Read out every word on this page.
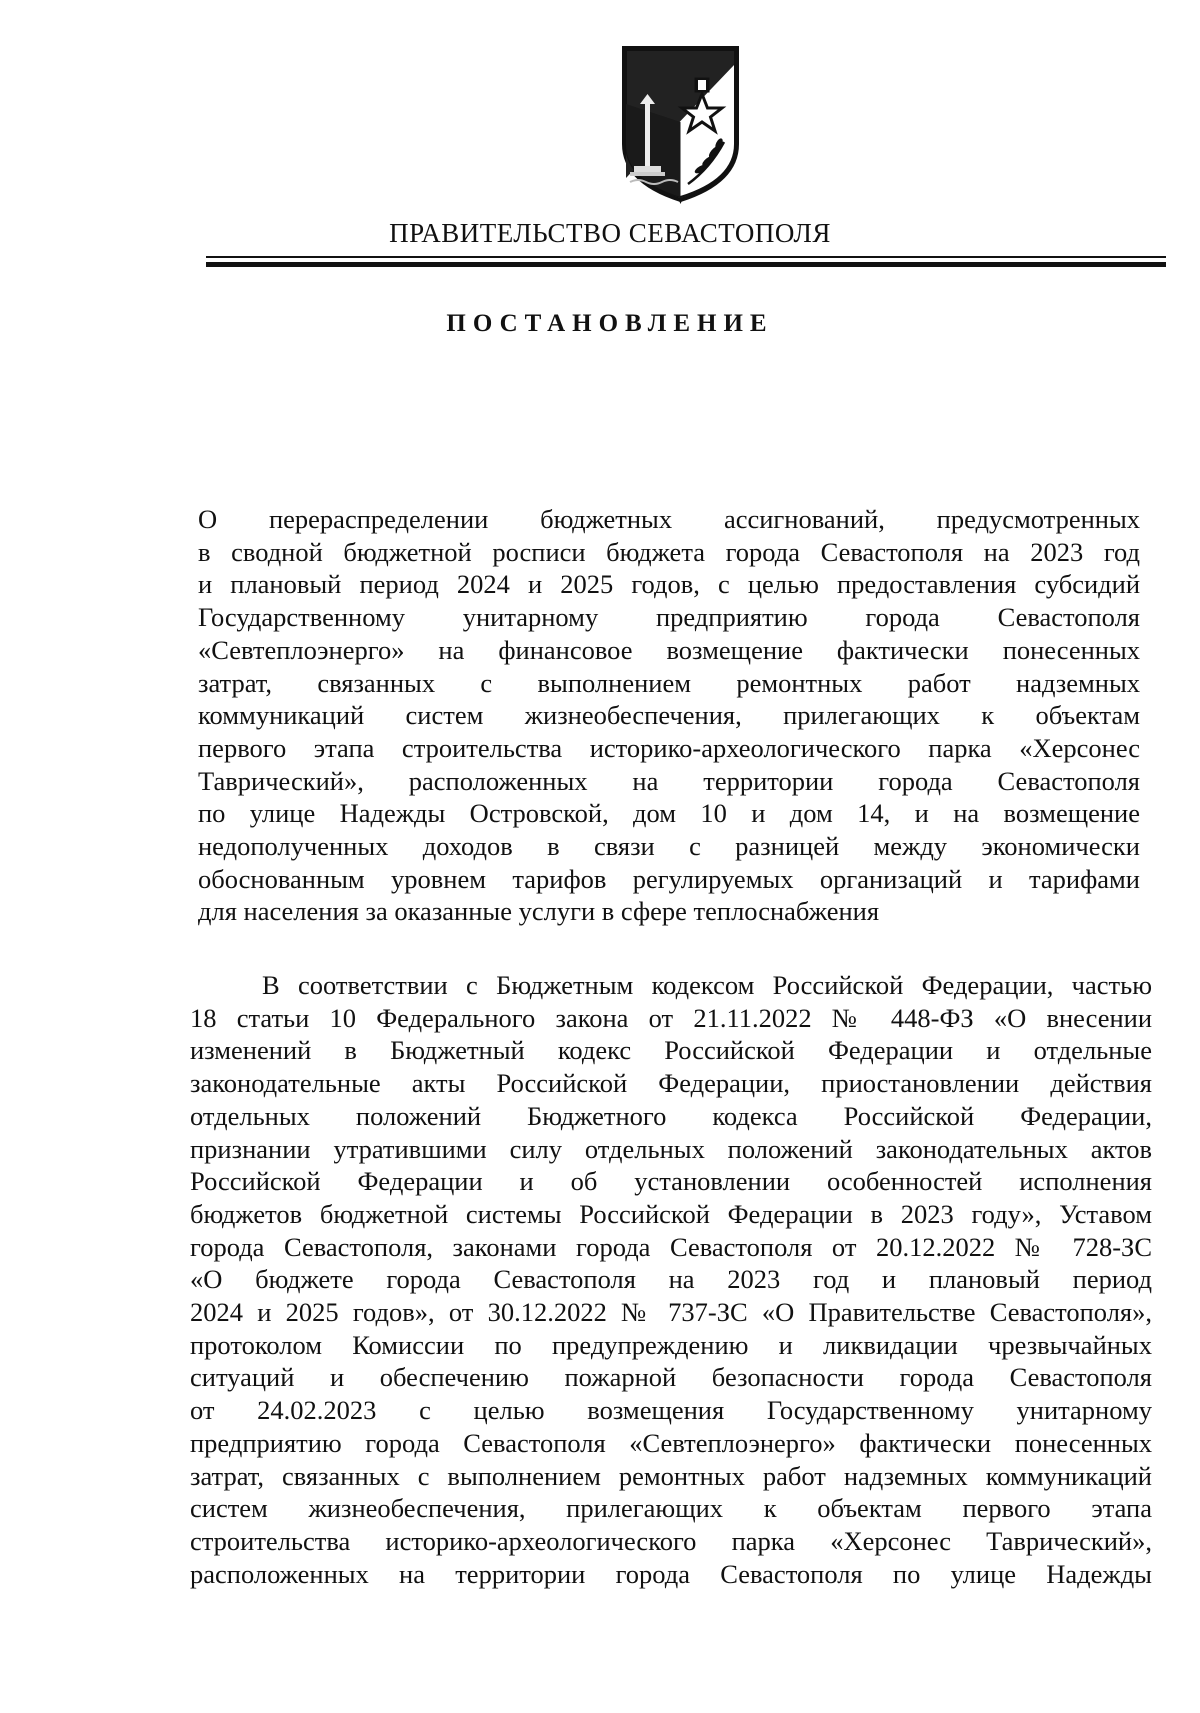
ПРАВИТЕЛЬСТВО СЕВАСТОПОЛЯ
ПОСТАНОВЛЕНИЕ
О перераспределении бюджетных ассигнований, предусмотренных
в сводной бюджетной росписи бюджета города Севастополя на 2023 год
и плановый период 2024 и 2025 годов, с целью предоставления субсидий
Государственному унитарному предприятию города Севастополя
«Севтеплоэнерго» на финансовое возмещение фактически понесенных
затрат, связанных с выполнением ремонтных работ надземных
коммуникаций систем жизнеобеспечения, прилегающих к объектам
первого этапа строительства историко-археологического парка «Херсонес
Таврический», расположенных на территории города Севастополя
по улице Надежды Островской, дом 10 и дом 14, и на возмещение
недополученных доходов в связи с разницей между экономически
обоснованным уровнем тарифов регулируемых организаций и тарифами
для населения за оказанные услуги в сфере теплоснабжения
В соответствии с Бюджетным кодексом Российской Федерации, частью
18 статьи 10 Федерального закона от 21.11.2022 № 448-ФЗ «О внесении
изменений в Бюджетный кодекс Российской Федерации и отдельные
законодательные акты Российской Федерации, приостановлении действия
отдельных положений Бюджетного кодекса Российской Федерации,
признании утратившими силу отдельных положений законодательных актов
Российской Федерации и об установлении особенностей исполнения
бюджетов бюджетной системы Российской Федерации в 2023 году», Уставом
города Севастополя, законами города Севастополя от 20.12.2022 № 728-ЗС
«О бюджете города Севастополя на 2023 год и плановый период
2024 и 2025 годов», от 30.12.2022 № 737-ЗС «О Правительстве Севастополя»,
протоколом Комиссии по предупреждению и ликвидации чрезвычайных
ситуаций и обеспечению пожарной безопасности города Севастополя
от 24.02.2023 с целью возмещения Государственному унитарному
предприятию города Севастополя «Севтеплоэнерго» фактически понесенных
затрат, связанных с выполнением ремонтных работ надземных коммуникаций
систем жизнеобеспечения, прилегающих к объектам первого этапа
строительства историко-археологического парка «Херсонес Таврический»,
расположенных на территории города Севастополя по улице Надежды
